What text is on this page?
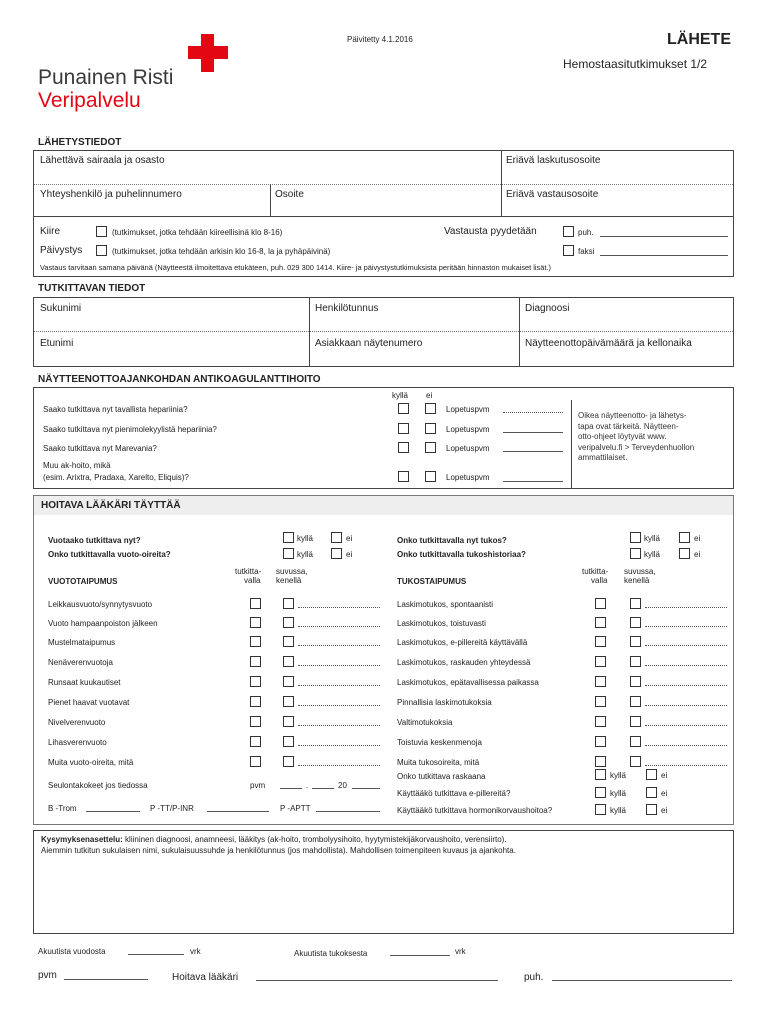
Päivitetty 4.1.2016	LÄHETE
Hemostaasitutkimukset 1/2
Punainen Risti
Veripalvelu
LÄHETYSTIEDOT
Lähettävä sairaala ja osasto	Eriävä laskutusosoite
Yhteyshenkilö ja puhelinnumero	Osoite	Eriävä vastausosoite
Kiire	(tutkimukset, jotka tehdään kiireellisinä klo 8-16)
Päivystys	(tutkimukset, jotka tehdään arkisin klo 16-8, la ja pyhäpäivinä)
Vastausta pyydetään	puh.
faksi
Vastaus tarvitaan samana päivänä (Näytteestä ilmoitettava etukäteen, puh. 029 300 1414. Kiire- ja päivystystutkimuksista peritään hinnaston mukaiset lisät.)
TUTKITTAVAN TIEDOT
Sukunimi	Henkilötunnus	Diagnoosi
Etunimi	Asiakkaan näytenumero	Näytteenottopäivämäärä ja kellonaika
NÄYTTEENOTTOAJANKOHDAN ANTIKOAGULANTTIHOITO
kyllä ei
Saako tutkittava nyt tavallista hepariinia?	Lopetuspvm
Saako tutkittava nyt pienimolekyylistä hepariinia?	Lopetuspvm
Saako tutkittava nyt Marevania?	Lopetuspvm
Muu ak-hoito, mikä
(esim. Arixtra, Pradaxa, Xarelto, Eliquis)?	Lopetuspvm
Oikea näytteenotto- ja lähetys-
tapa ovat tärkeitä. Näytteen-
otto-ohjeet löytyvät www.
veripalvelu.fi > Terveydenhuollon
ammattilaiset.
HOITAVA LÄÄKÄRI TÄYTTÄÄ
Vuotaako tutkittava nyt?	kyllä	ei
Onko tutkittavalla vuoto-oireita?	kyllä	ei
Onko tutkittavalla nyt tukos?	kyllä	ei
Onko tutkittavalla tukoshistoriaa?	kyllä	ei
tutkitta-
valla
suvussa,
kenellä
VUOTOTAIPUMUS
tutkitta-
valla
suvussa,
kenellä
TUKOSTAIPUMUS
Leikkausvuoto/synnytysvuoto	Laskimotukos, spontaanisti
Vuoto hampaanpoiston jälkeen	Laskimotukos, toistuvasti
Mustelmataipumus	Laskimotukos, e-pillereitä käyttävällä
Nenäverenvuotoja	Laskimotukos, raskauden yhteydessä
Runsaat kuukautiset	Laskimotukos, epätavallisessa paikassa
Pienet haavat vuotavat	Pinnallisia laskimotukoksia
Nivelverenvuoto	Valtimotukoksia
Lihasverenvuoto	Toistuvia keskenmenoja
Muita vuoto-oireita, mitä	Muita tukosoireita, mitä
Seulontakokeet jos tiedossa	pvm	.	20
B -Trom	P -TT/P-INR	P -APTT
Onko tutkittava raskaana	kyllä	ei
Käyttääkö tutkittava e-pillereitä?	kyllä	ei
Käyttääkö tutkittava hormonikorvaushoitoa?	kyllä	ei
Kysymyksenasettelu: kliininen diagnoosi, anamneesi, lääkitys (ak-hoito, trombolyysihoito, hyytymistekijäkorvaushoito, verensiirto).
Aiemmin tutkitun sukulaisen nimi, sukulaisuussuhde ja henkilötunnus (jos mahdollista). Mahdollisen toimenpiteen kuvaus ja ajankohta.
Akuutista vuodosta	vrk	Akuutista tukoksesta	vrk
pvm	Hoitava lääkäri	puh.
